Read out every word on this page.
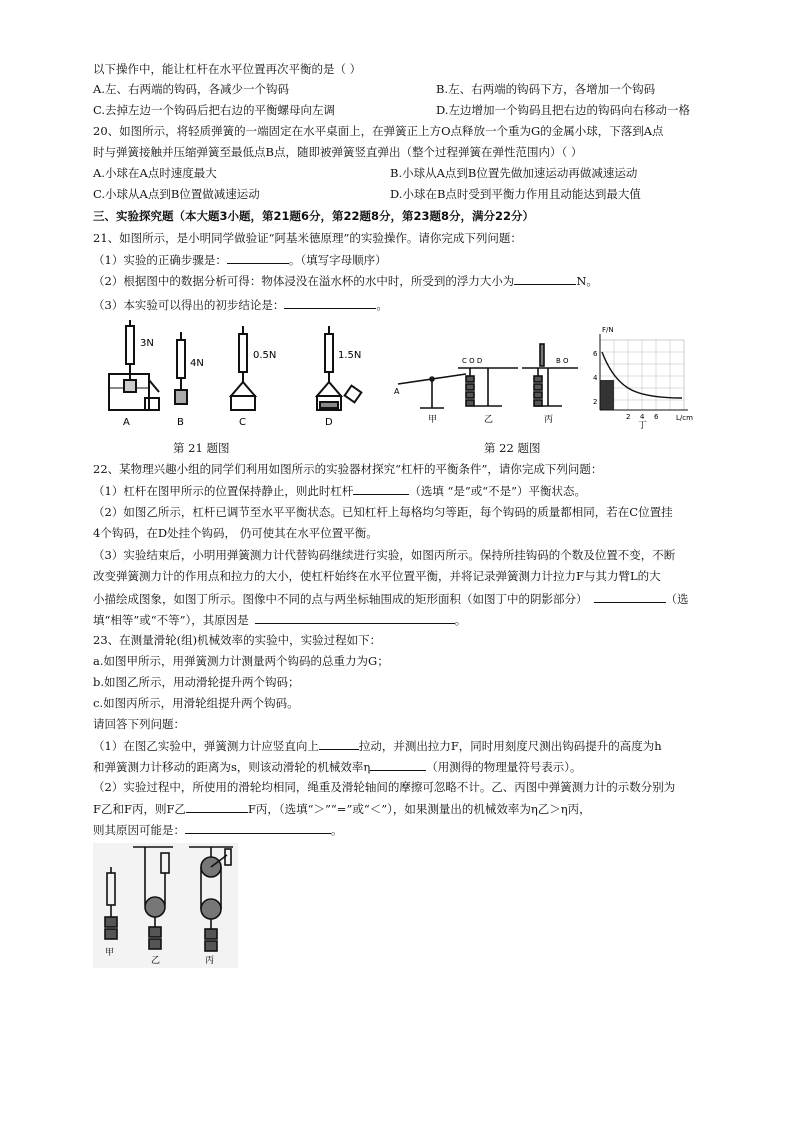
以下操作中，能让杠杆在水平位置再次平衡的是（ ）
A.左、右两端的钩码，各减少一个钩码	B.左、右两端的钩码下方，各增加一个钩码
C.去掉左边一个钩码后把右边的平衡螺母向左调	D.左边增加一个钩码且把右边的钩码向右移动一格
20、如图所示，将轻质弹簧的一端固定在水平桌面上，在弹簧正上方O点释放一个重为G的金属小球，下落到A点
时与弹簧接触并压缩弹簧至最低点B点，随即被弹簧竖直弹出（整个过程弹簧在弹性范围内）（ ）
A.小球在A点时速度最大	B.小球从A点到B位置先做加速运动再做减速运动
C.小球从A点到B位置做减速运动	D.小球在B点时受到平衡力作用且动能达到最大值
三、实验探究题（本大题3小题，第21题6分，第22题8分，第23题8分，满分22分）
21、如图所示，是小明同学做验证“阿基米德原理”的实验操作。请你完成下列问题：
（1）实验的正确步骤是：	。（填写字母顺序）
（2）根据图中的数据分析可得：物体浸没在溢水杯的水中时，所受到的浮力大小为	N。
（3）本实验可以得出的初步结论是：	。
3N
A
4N
B
0.5N
C
1.5N
D
A
甲
C O D
乙
B O
丙
F/N
L/cm
6
4
2
2 4 6
丁
第 21 题图	第 22 题图
22、某物理兴趣小组的同学们利用如图所示的实验器材探究“杠杆的平衡条件”，请你完成下列问题：
（1）杠杆在图甲所示的位置保持静止，则此时杠杆	（选填 “是”或“不是”）平衡状态。
（2）如图乙所示，杠杆已调节至水平平衡状态。已知杠杆上每格均匀等距，每个钩码的质量都相同，若在C位置挂
4个钩码，在D处挂个钩码， 仍可使其在水平位置平衡。
（3）实验结束后，小明用弹簧测力计代替钩码继续进行实验，如图丙所示。保持所挂钩码的个数及位置不变，不断
改变弹簧测力计的作用点和拉力的大小，使杠杆始终在水平位置平衡，并将记录弹簧测力计拉力F与其力臂L的大
小描绘成图象，如图丁所示。图像中不同的点与两坐标轴围成的矩形面积（如图丁中的阴影部分）	（选
填“相等”或“不等”），其原因是	。
23、在测量滑轮(组)机械效率的实验中，实验过程如下：
a.如图甲所示，用弹簧测力计测量两个钩码的总重力为G；
b.如图乙所示，用动滑轮提升两个钩码；
c.如图丙所示，用滑轮组提升两个钩码。
请回答下列问题：
（1）在图乙实验中，弹簧测力计应竖直向上	拉动，并测出拉力F，同时用刻度尺测出钩码提升的高度为h
和弹簧测力计移动的距离为s，则该动滑轮的机械效率η	（用测得的物理量符号表示）。
（2）实验过程中，所使用的滑轮均相同，绳重及滑轮轴间的摩擦可忽略不计。乙、丙图中弹簧测力计的示数分别为
F乙和F丙，则F乙	F丙，（选填“＞”“=”或“＜”），如果测量出的机械效率为η乙＞η丙，
则其原因可能是：	。
甲
乙	丙
